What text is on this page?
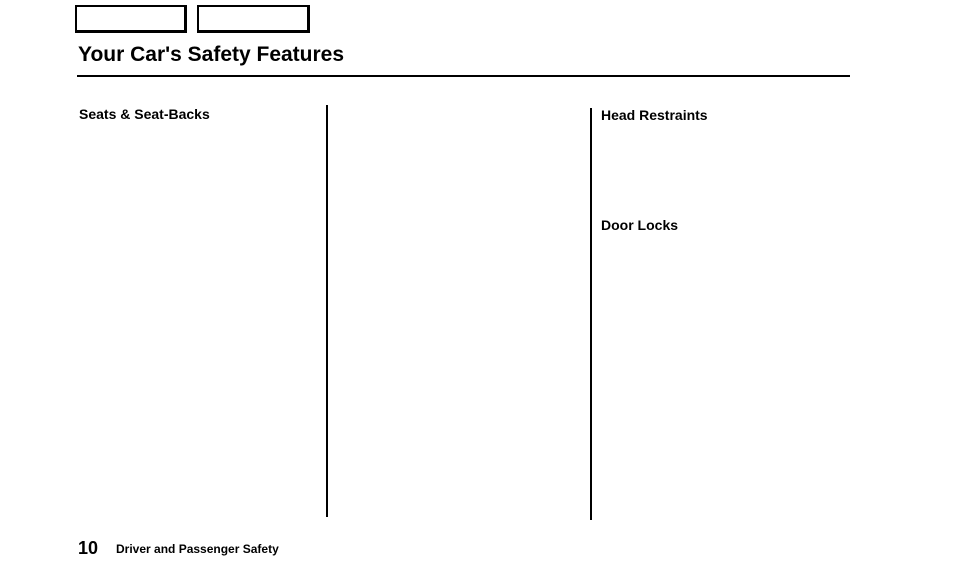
Your Car's Safety Features
Seats & Seat-Backs	Head Restraints
Door Locks
10 Driver and Passenger Safety
